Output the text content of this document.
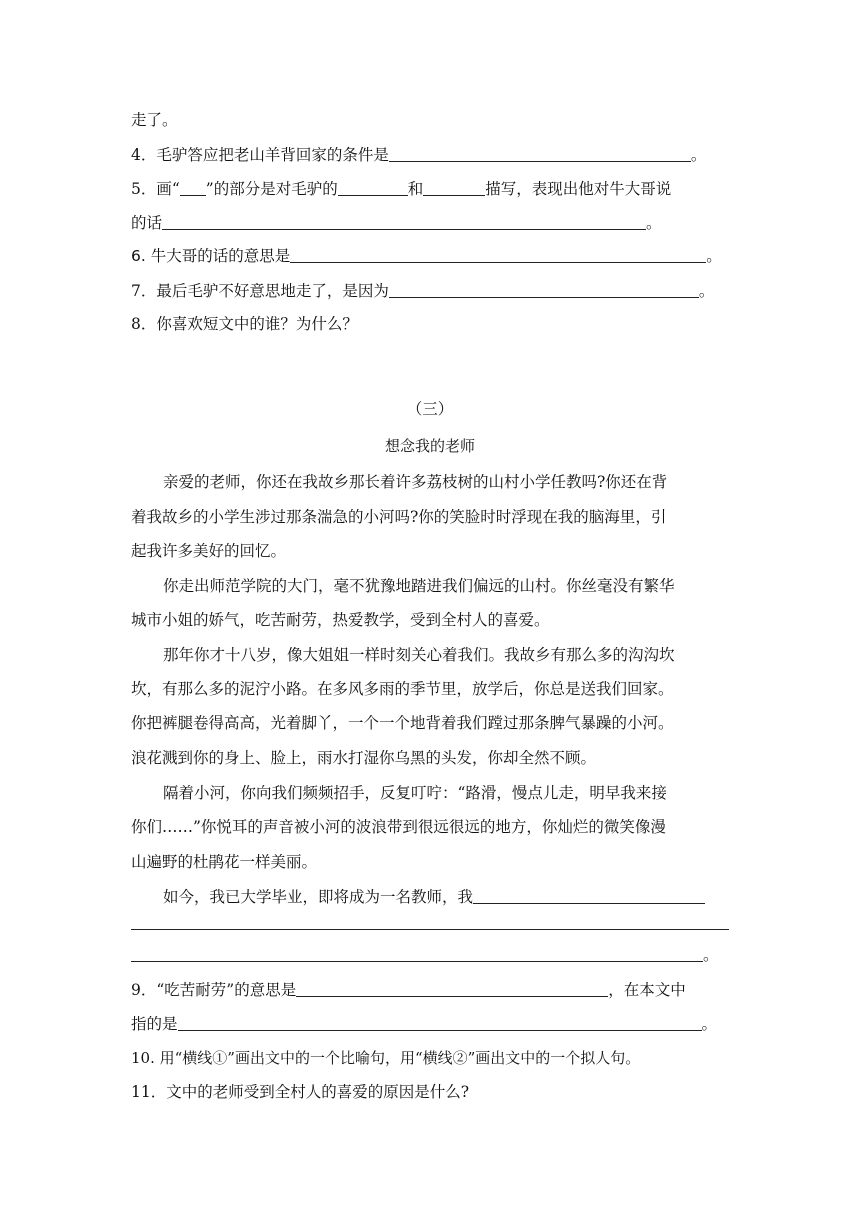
走了。
4．毛驴答应把老山羊背回家的条件是	。
5．画“ ”的部分是对毛驴的	和	描写，表现出他对牛大哥说
的话	。
6. 牛大哥的话的意思是	。
7．最后毛驴不好意思地走了，是因为	。
8．你喜欢短文中的谁？为什么？
（三）
想念我的老师
亲爱的老师，你还在我故乡那长着许多荔枝树的山村小学任教吗?你还在背
着我故乡的小学生涉过那条湍急的小河吗?你的笑脸时时浮现在我的脑海里，引
起我许多美好的回忆。
你走出师范学院的大门，毫不犹豫地踏进我们偏远的山村。你丝毫没有繁华
城市小姐的娇气，吃苦耐劳，热爱教学，受到全村人的喜爱。
那年你才十八岁，像大姐姐一样时刻关心着我们。我故乡有那么多的沟沟坎
坎，有那么多的泥泞小路。在多风多雨的季节里，放学后，你总是送我们回家。
你把裤腿卷得高高，光着脚丫，一个一个地背着我们蹚过那条脾气暴躁的小河。
浪花溅到你的身上、脸上，雨水打湿你乌黑的头发，你却全然不顾。
隔着小河，你向我们频频招手，反复叮咛：“路滑，慢点儿走，明早我来接
你们……”你悦耳的声音被小河的波浪带到很远很远的地方，你灿烂的微笑像漫
山遍野的杜鹃花一样美丽。
如今，我已大学毕业，即将成为一名教师，我
。
9．“吃苦耐劳”的意思是	，在本文中
指的是	。
10. 用“横线①”画出文中的一个比喻句，用“横线②”画出文中的一个拟人句。
11．文中的老师受到全村人的喜爱的原因是什么?
